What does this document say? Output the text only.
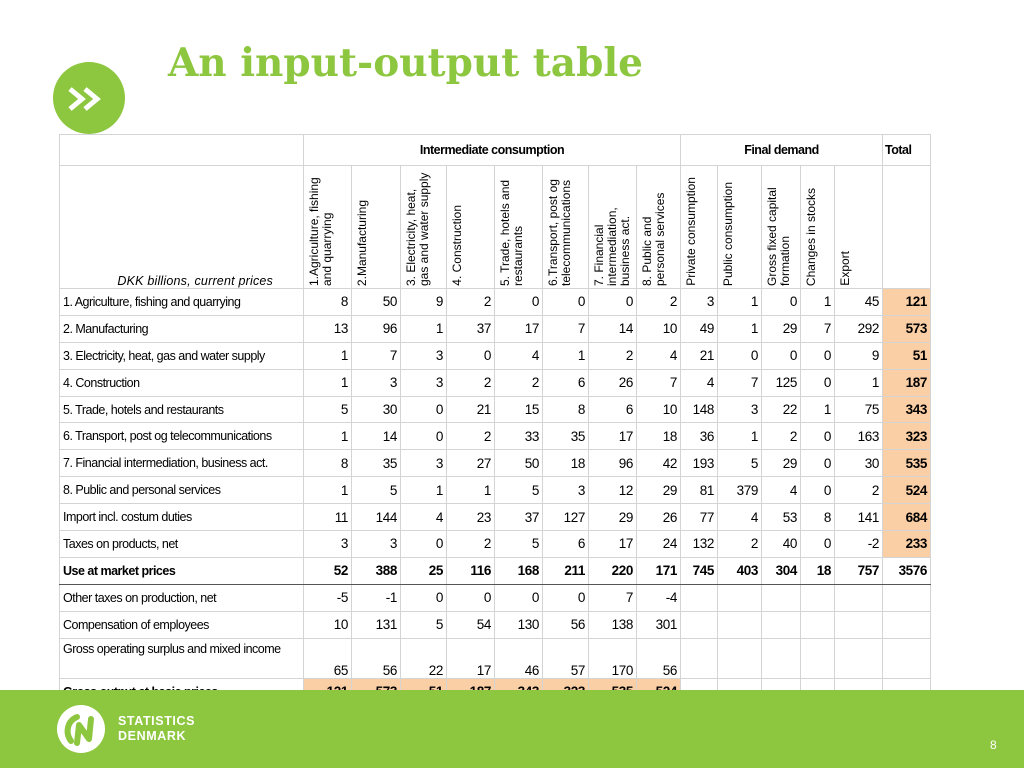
An input-output table
	Intermediate consumption								Final demand					Total
DKK billions, current prices	1.Agriculture, fishing and quarrying	2.Manufacturing	3. Electricity, heat, gas and water supply	4. Construction	5. Trade, hotels and restaurants	6.Transport, post og telecommunications	7. Financial intermediation, business act.	8. Public and personal services	Private consumption	Public consumption	Gross fixed capital formation	Changes in stocks	Export	

1. Agriculture, fishing and quarrying	8	50	9	2	0	0	0	2	3	1	0	1	45	121
2. Manufacturing	13	96	1	37	17	7	14	10	49	1	29	7	292	573
3. Electricity, heat, gas and water supply	1	7	3	0	4	1	2	4	21	0	0	0	9	51
4. Construction	1	3	3	2	2	6	26	7	4	7	125	0	1	187
5. Trade, hotels and restaurants	5	30	0	21	15	8	6	10	148	3	22	1	75	343
6. Transport, post og telecommunications	1	14	0	2	33	35	17	18	36	1	2	0	163	323
7. Financial intermediation, business act.	8	35	3	27	50	18	96	42	193	5	29	0	30	535
8. Public and personal services	1	5	1	1	5	3	12	29	81	379	4	0	2	524
Import incl. costum duties	11	144	4	23	37	127	29	26	77	4	53	8	141	684
Taxes on products, net	3	3	0	2	5	6	17	24	132	2	40	0	-2	233
Use at market prices	52	388	25	116	168	211	220	171	745	403	304	18	757	3576
Other taxes on production, net	-5	-1	0	0	0	0	7	-4						
Compensation of employees	10	131	5	54	130	56	138	301						
Gross operating surplus and mixed income	65	56	22	17	46	57	170	56						

STATISTICS
DENMARK
8
